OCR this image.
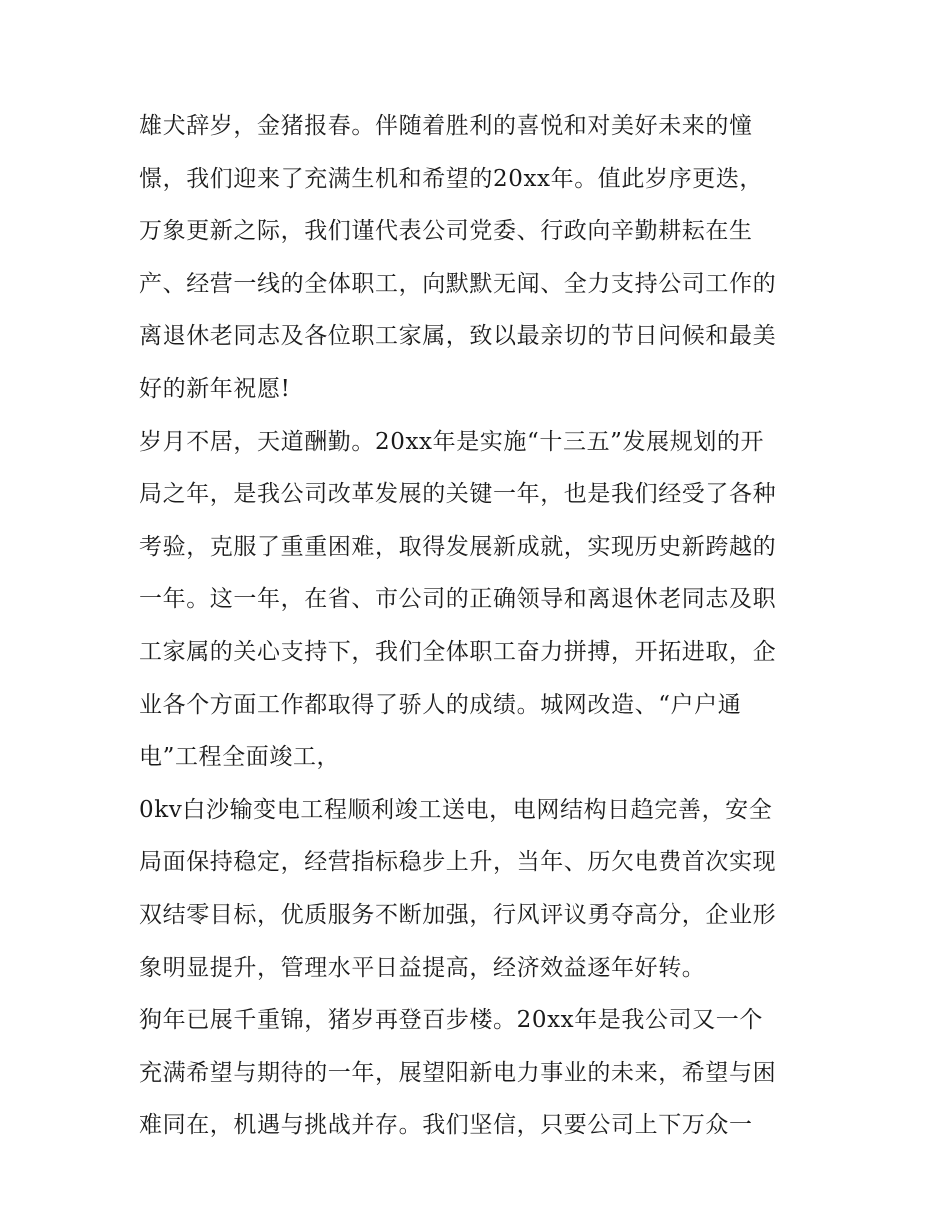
雄犬辞岁，金猪报春。伴随着胜利的喜悦和对美好未来的憧
憬，我们迎来了充满生机和希望的20xx年。值此岁序更迭，
万象更新之际，我们谨代表公司党委、行政向辛勤耕耘在生
产、经营一线的全体职工，向默默无闻、全力支持公司工作的
离退休老同志及各位职工家属，致以最亲切的节日问候和最美
好的新年祝愿!
岁月不居，天道酬勤。20xx年是实施“十三五”发展规划的开
局之年，是我公司改革发展的关键一年，也是我们经受了各种
考验，克服了重重困难，取得发展新成就，实现历史新跨越的
一年。这一年，在省、市公司的正确领导和离退休老同志及职
工家属的关心支持下，我们全体职工奋力拼搏，开拓进取，企
业各个方面工作都取得了骄人的成绩。城网改造、“户户通
电”工程全面竣工，
0kv白沙输变电工程顺利竣工送电，电网结构日趋完善，安全
局面保持稳定，经营指标稳步上升，当年、历欠电费首次实现
双结零目标，优质服务不断加强，行风评议勇夺高分，企业形
象明显提升，管理水平日益提高，经济效益逐年好转。
狗年已展千重锦，猪岁再登百步楼。20xx年是我公司又一个
充满希望与期待的一年，展望阳新电力事业的未来，希望与困
难同在，机遇与挑战并存。我们坚信，只要公司上下万众一
